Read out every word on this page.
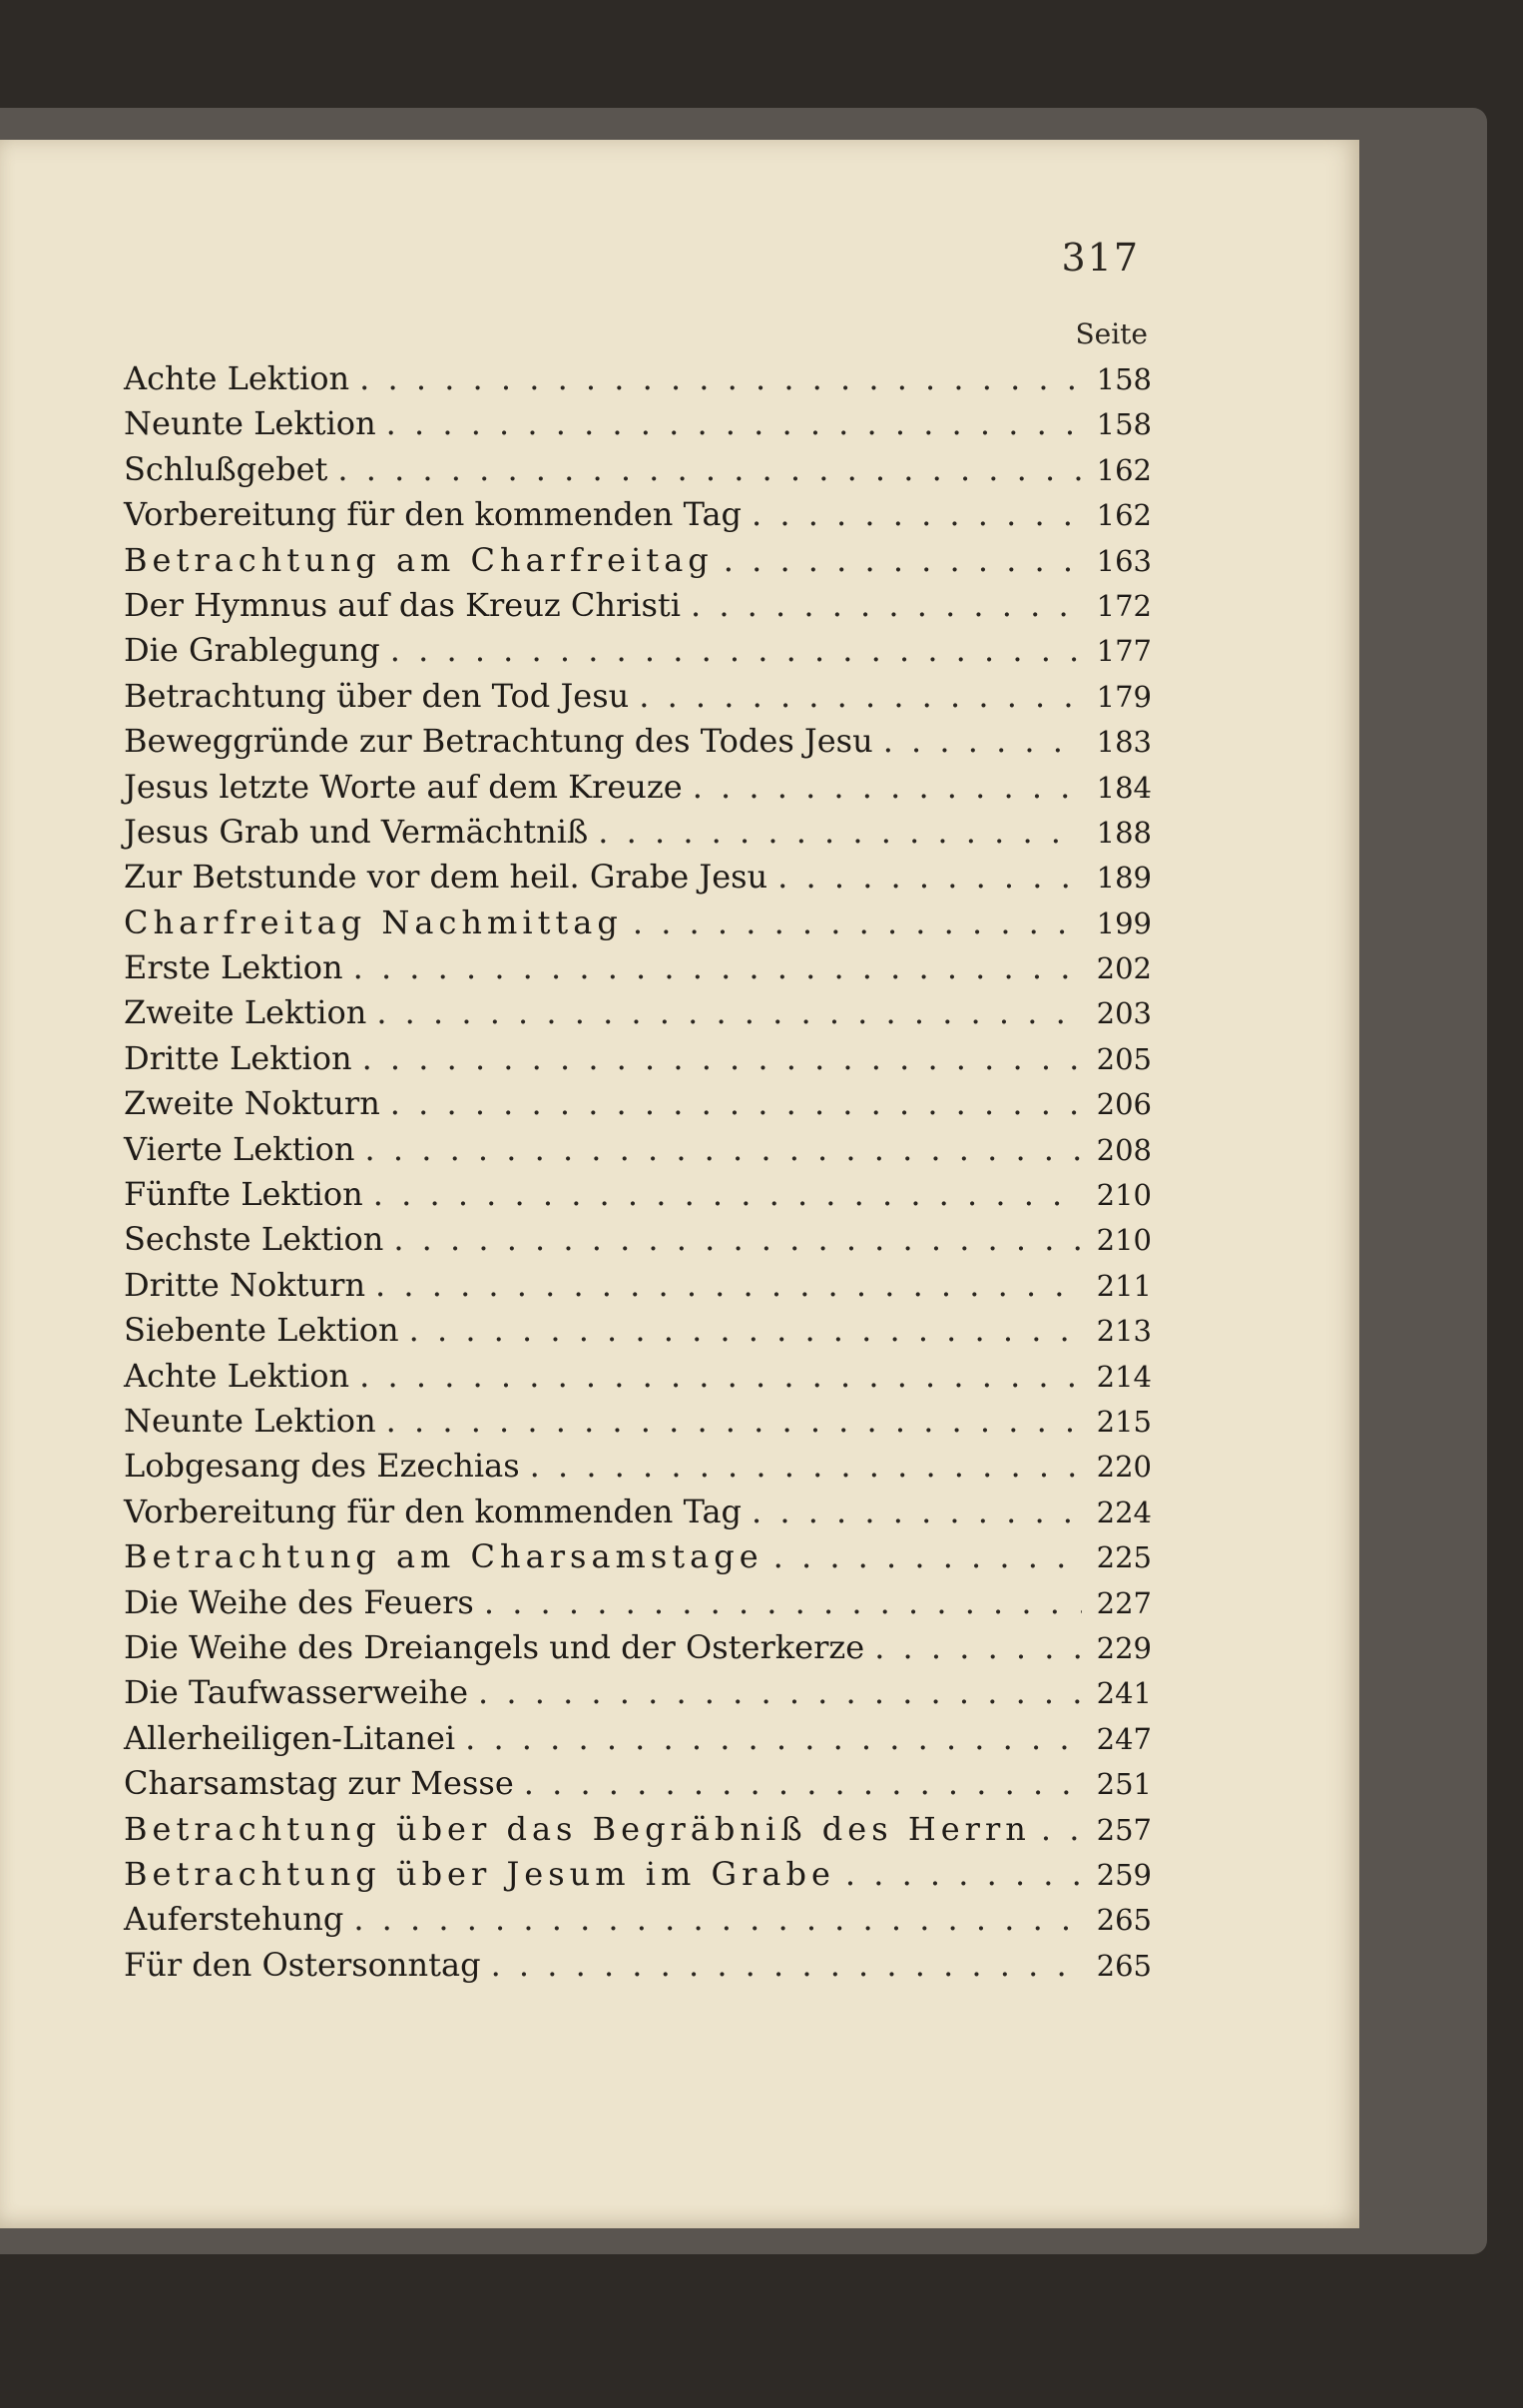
317
Seite
Achte Lektion . . .	158
Neunte Lektion . . .	158
Schlußgebet . . .	162
Vorbereitung für den kommenden Tag . . .	162
Betrachtung am Charfreitag . . .	163
Der Hymnus auf das Kreuz Christi . . .	172
Die Grablegung . . .	177
Betrachtung über den Tod Jesu . . .	179
Beweggründe zur Betrachtung des Todes Jesu . . .	183
Jesus letzte Worte auf dem Kreuze . . .	184
Jesus Grab und Vermächtniß . . .	188
Zur Betstunde vor dem heil. Grabe Jesu . . .	189
Charfreitag Nachmittag . . .	199
Erste Lektion . . .	202
Zweite Lektion . . .	203
Dritte Lektion . . .	205
Zweite Nokturn . . .	206
Vierte Lektion . . .	208
Fünfte Lektion . . .	210
Sechste Lektion . . .	210
Dritte Nokturn . . .	211
Siebente Lektion . . .	213
Achte Lektion . . .	214
Neunte Lektion . . .	215
Lobgesang des Ezechias . . .	220
Vorbereitung für den kommenden Tag . . .	224
Betrachtung am Charsamstage . . .	225
Die Weihe des Feuers . . .	227
Die Weihe des Dreiangels und der Osterkerze . . .	229
Die Taufwasserweihe . . .	241
Allerheiligen-Litanei . . .	247
Charsamstag zur Messe . . .	251
Betrachtung über das Begräbniß des Herrn . . .	257
Betrachtung über Jesum im Grabe . . .	259
Auferstehung . . .	265
Für den Ostersonntag . . .	265
